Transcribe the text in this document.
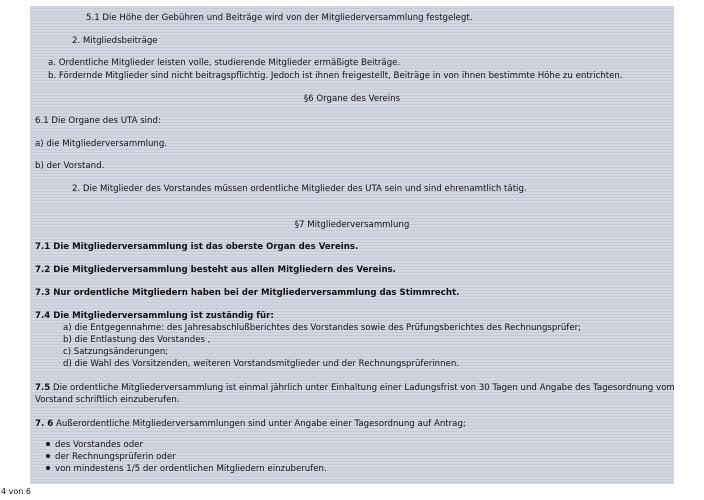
5.1 Die Höhe der Gebühren und Beiträge wird von der Mitgliederversammlung festgelegt.
2. Mitgliedsbeiträge
a. Ordentliche Mitglieder leisten volle, studierende Mitglieder ermäßigte Beiträge.
b. Fördernde Mitglieder sind nicht beitragspflichtig. Jedoch ist ihnen freigestellt, Beiträge in von ihnen bestimmte Höhe zu entrichten.
§6 Organe des Vereins
6.1 Die Organe des UTA sind:
a) die Mitgliederversammlung.
b) der Vorstand.
2. Die Mitglieder des Vorstandes müssen ordentliche Mitglieder des UTA sein und sind ehrenamtlich tätig.
§7 Mitgliederversammlung
7.1 Die Mitgliederversammlung ist das oberste Organ des Vereins.
7.2 Die Mitgliederversammlung besteht aus allen Mitgliedern des Vereins.
7.3 Nur ordentliche Mitgliedern haben bei der Mitgliederversammlung das Stimmrecht.
7.4 Die Mitgliederversammlung ist zuständig für:
a) die Entgegennahme: des Jahresabschlußberichtes des Vorstandes sowie des Prüfungsberichtes des Rechnungsprüfer;
b) die Entlastung des Vorstandes ,
c) Satzungsänderungen;
d) die Wahl des Vorsitzenden, weiteren Vorstandsmitglieder und der Rechnungsprüferinnen.
7.5 Die ordentliche Mitgliederversammlung ist einmal jährlich unter Einhaltung einer Ladungsfrist von 30 Tagen und Angabe des Tagesordnung vom
Vorstand schriftlich einzuberufen.
7. 6 Außerordentliche Mitgliederversammlungen sind unter Angabe einer Tagesordnung auf Antrag;
des Vorstandes oder
der Rechnungsprüferin oder
von mindestens 1/5 der ordentlichen Mitgliedern einzuberufen.
4 von 6
